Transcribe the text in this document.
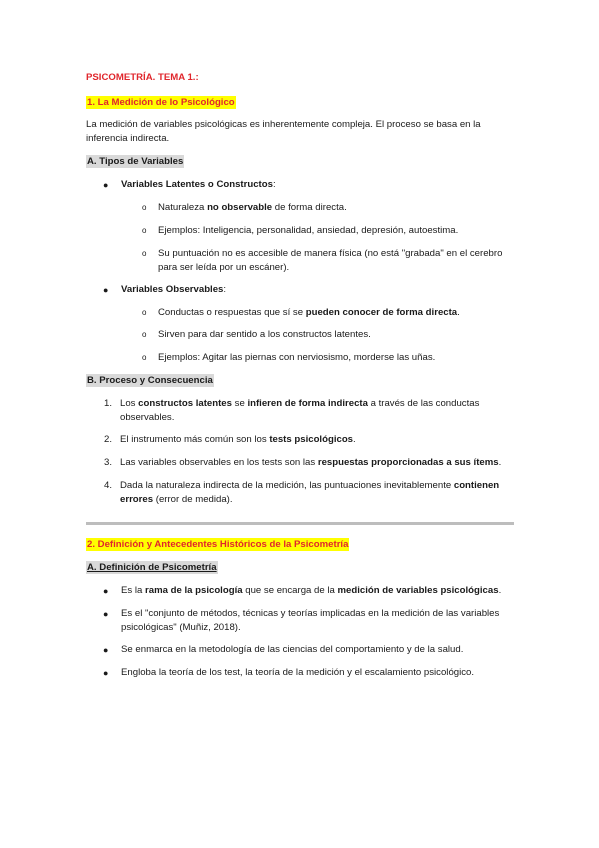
PSICOMETRÍA. TEMA 1.:
1. La Medición de lo Psicológico
La medición de variables psicológicas es inherentemente compleja. El proceso se basa en la inferencia indirecta.
A. Tipos de Variables
●	Variables Latentes o Constructos:
o	Naturaleza no observable de forma directa.
o	Ejemplos: Inteligencia, personalidad, ansiedad, depresión, autoestima.
o	Su puntuación no es accesible de manera física (no está "grabada" en el cerebro para ser leída por un escáner).
●	Variables Observables:
o	Conductas o respuestas que sí se pueden conocer de forma directa.
o	Sirven para dar sentido a los constructos latentes.
o	Ejemplos: Agitar las piernas con nerviosismo, morderse las uñas.
B. Proceso y Consecuencia
1. Los constructos latentes se infieren de forma indirecta a través de las conductas observables.
2. El instrumento más común son los tests psicológicos.
3. Las variables observables en los tests son las respuestas proporcionadas a sus ítems.
4. Dada la naturaleza indirecta de la medición, las puntuaciones inevitablemente contienen errores (error de medida).
2. Definición y Antecedentes Históricos de la Psicometría
A. Definición de Psicometría
●	Es la rama de la psicología que se encarga de la medición de variables psicológicas.
●	Es el "conjunto de métodos, técnicas y teorías implicadas en la medición de las variables psicológicas" (Muñiz, 2018).
●	Se enmarca en la metodología de las ciencias del comportamiento y de la salud.
●	Engloba la teoría de los test, la teoría de la medición y el escalamiento psicológico.
